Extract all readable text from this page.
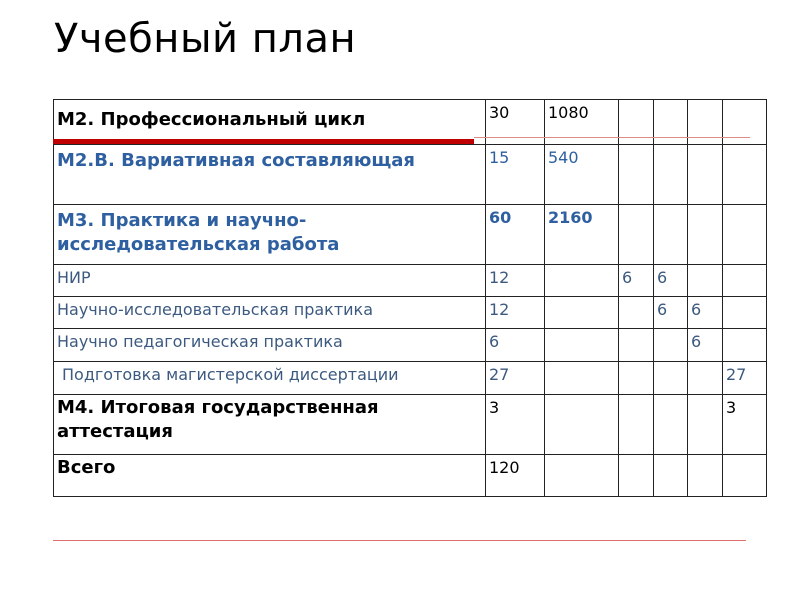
Учебный план
М2. Профессиональный цикл	30	1080				
М2.В. Вариативная составляющая	15	540				
М3. Практика и научно-исследовательская работа	60	2160				
НИР	12		6	6		
Научно-исследовательская практика	12			6	6	
Научно педагогическая практика	6				6	
Подготовка магистерской диссертации	27					27
М4. Итоговая государственная аттестация	3					3
Всего	120					
